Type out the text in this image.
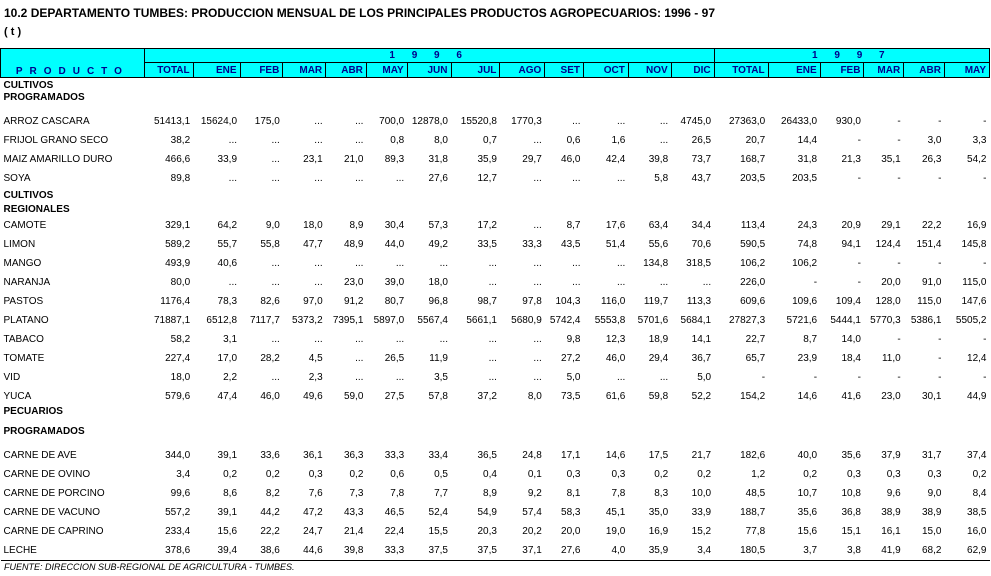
10.2 DEPARTAMENTO TUMBES: PRODUCCION MENSUAL DE LOS PRINCIPALES PRODUCTOS AGROPECUARIOS: 1996 - 97
( t )
PRODUCTO	1 9 9 6													1 9 9 7					
	TOTAL	ENE	FEB	MAR	ABR	MAY	JUN	JUL	AGO	SET	OCT	NOV	DIC	TOTAL	ENE	FEB	MAR	ABR	MAY
CULTIVOS																			
PROGRAMADOS																			
ARROZ CASCARA	51413,1	15624,0	175,0	...	...	700,0	12878,0	15520,8	1770,3	...	...	...	4745,0	27363,0	26433,0	930,0	-	-	-
FRIJOL GRANO SECO	38,2	...	...	...	...	0,8	8,0	0,7	...	0,6	1,6	...	26,5	20,7	14,4	-	-	3,0	3,3
MAIZ AMARILLO DURO	466,6	33,9	...	23,1	21,0	89,3	31,8	35,9	29,7	46,0	42,4	39,8	73,7	168,7	31,8	21,3	35,1	26,3	54,2
SOYA	89,8	...	...	...	...	...	27,6	12,7	...	...	...	5,8	43,7	203,5	203,5	-	-	-	-
CULTIVOS																			
REGIONALES																			
CAMOTE	329,1	64,2	9,0	18,0	8,9	30,4	57,3	17,2	...	8,7	17,6	63,4	34,4	113,4	24,3	20,9	29,1	22,2	16,9
LIMON	589,2	55,7	55,8	47,7	48,9	44,0	49,2	33,5	33,3	43,5	51,4	55,6	70,6	590,5	74,8	94,1	124,4	151,4	145,8
MANGO	493,9	40,6	...	...	...	...	...	...	...	...	...	134,8	318,5	106,2	106,2	-	-	-	-
NARANJA	80,0	...	...	...	23,0	39,0	18,0	...	...	...	...	...	...	226,0	-	-	20,0	91,0	115,0
PASTOS	1176,4	78,3	82,6	97,0	91,2	80,7	96,8	98,7	97,8	104,3	116,0	119,7	113,3	609,6	109,6	109,4	128,0	115,0	147,6
PLATANO	71887,1	6512,8	7117,7	5373,2	7395,1	5897,0	5567,4	5661,1	5680,9	5742,4	5553,8	5701,6	5684,1	27827,3	5721,6	5444,1	5770,3	5386,1	5505,2
TABACO	58,2	3,1	...	...	...	...	...	...	...	9,8	12,3	18,9	14,1	22,7	8,7	14,0	-	-	-
TOMATE	227,4	17,0	28,2	4,5	...	26,5	11,9	...	...	27,2	46,0	29,4	36,7	65,7	23,9	18,4	11,0	-	12,4
VID	18,0	2,2	...	2,3	...	...	3,5	...	...	5,0	...	...	5,0	-	-	-	-	-	-
YUCA	579,6	47,4	46,0	49,6	59,0	27,5	57,8	37,2	8,0	73,5	61,6	59,8	52,2	154,2	14,6	41,6	23,0	30,1	44,9
PECUARIOS																			
PROGRAMADOS																			
CARNE DE AVE	344,0	39,1	33,6	36,1	36,3	33,3	33,4	36,5	24,8	17,1	14,6	17,5	21,7	182,6	40,0	35,6	37,9	31,7	37,4
CARNE DE OVINO	3,4	0,2	0,2	0,3	0,2	0,6	0,5	0,4	0,1	0,3	0,3	0,2	0,2	1,2	0,2	0,3	0,3	0,3	0,2
CARNE DE PORCINO	99,6	8,6	8,2	7,6	7,3	7,8	7,7	8,9	9,2	8,1	7,8	8,3	10,0	48,5	10,7	10,8	9,6	9,0	8,4
CARNE DE VACUNO	557,2	39,1	44,2	47,2	43,3	46,5	52,4	54,9	57,4	58,3	45,1	35,0	33,9	188,7	35,6	36,8	38,9	38,9	38,5
CARNE DE CAPRINO	233,4	15,6	22,2	24,7	21,4	22,4	15,5	20,3	20,2	20,0	19,0	16,9	15,2	77,8	15,6	15,1	16,1	15,0	16,0
LECHE	378,6	39,4	38,6	44,6	39,8	33,3	37,5	37,5	37,1	27,6	4,0	35,9	3,4	180,5	3,7	3,8	41,9	68,2	62,9
FUENTE: DIRECCION SUB-REGIONAL DE AGRICULTURA - TUMBES.
